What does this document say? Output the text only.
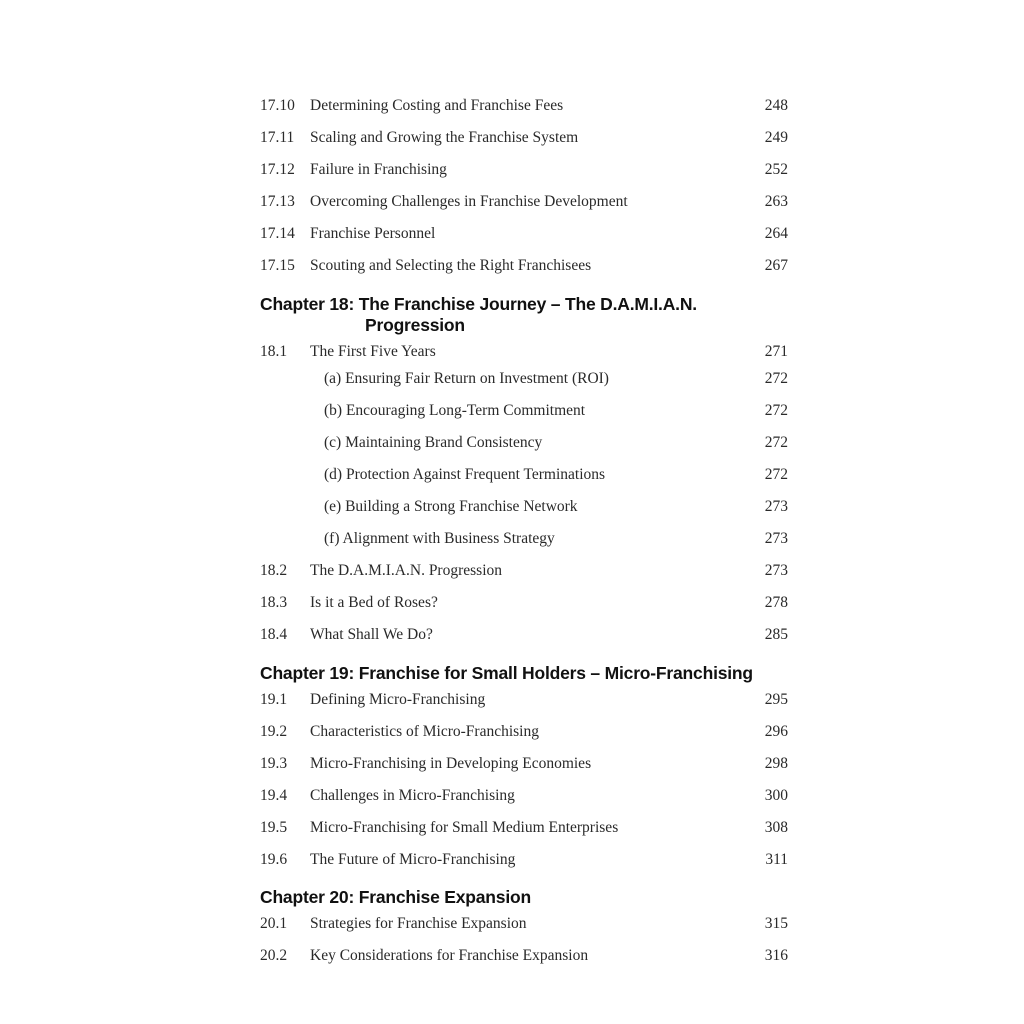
17.10 Determining Costing and Franchise Fees	248
17.11 Scaling and Growing the Franchise System	249
17.12 Failure in Franchising	252
17.13 Overcoming Challenges in Franchise Development	263
17.14 Franchise Personnel	264
17.15 Scouting and Selecting the Right Franchisees	267
Chapter 18: The Franchise Journey – The D.A.M.I.A.N.
Progression
18.1 The First Five Years	271
(a) Ensuring Fair Return on Investment (ROI)	272
(b) Encouraging Long-Term Commitment	272
(c) Maintaining Brand Consistency	272
(d) Protection Against Frequent Terminations	272
(e) Building a Strong Franchise Network	273
(f) Alignment with Business Strategy	273
18.2 The D.A.M.I.A.N. Progression	273
18.3 Is it a Bed of Roses?	278
18.4 What Shall We Do?	285
Chapter 19: Franchise for Small Holders – Micro-Franchising
19.1 Defining Micro-Franchising	295
19.2 Characteristics of Micro-Franchising	296
19.3 Micro-Franchising in Developing Economies	298
19.4 Challenges in Micro-Franchising	300
19.5 Micro-Franchising for Small Medium Enterprises	308
19.6 The Future of Micro-Franchising	311
Chapter 20: Franchise Expansion
20.1 Strategies for Franchise Expansion	315
20.2 Key Considerations for Franchise Expansion	316
